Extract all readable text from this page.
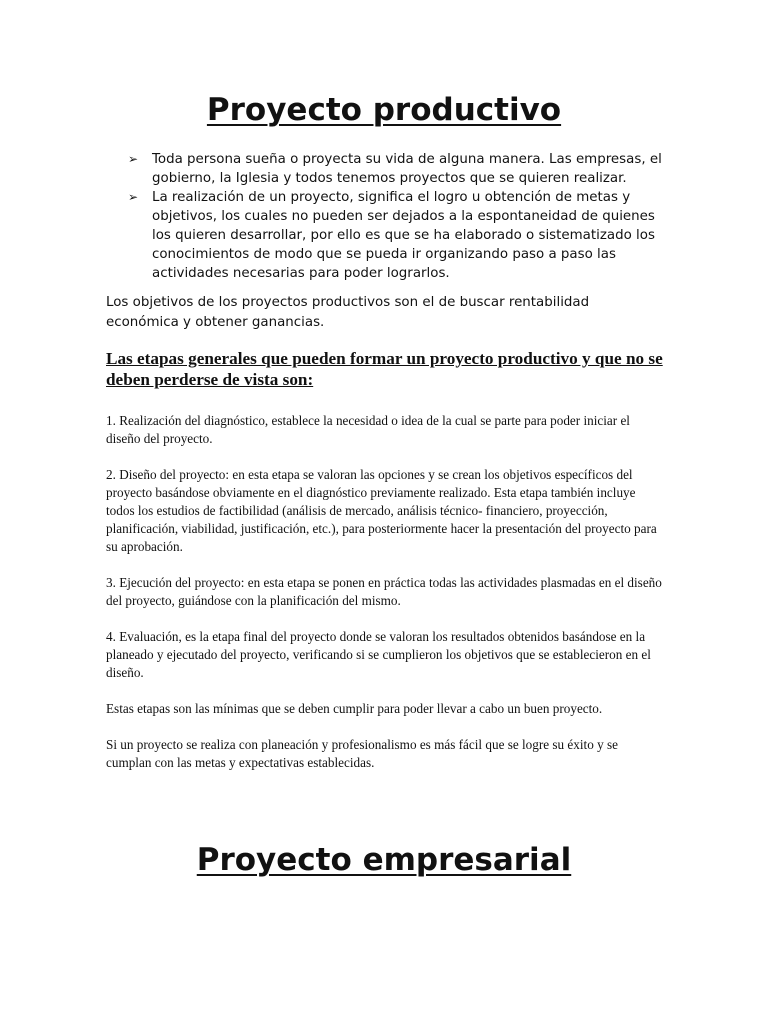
Proyecto productivo
➢ Toda persona sueña o proyecta su vida de alguna manera. Las empresas, el gobierno, la Iglesia y todos tenemos proyectos que se quieren realizar.
➢ La realización de un proyecto, significa el logro u obtención de metas y objetivos, los cuales no pueden ser dejados a la espontaneidad de quienes los quieren desarrollar, por ello es que se ha elaborado o sistematizado los conocimientos de modo que se pueda ir organizando paso a paso las actividades necesarias para poder lograrlos.

Los objetivos de los proyectos productivos son el de buscar rentabilidad económica y obtener ganancias.

Las etapas generales que pueden formar un proyecto productivo y que no se deben perderse de vista son:

1. Realización del diagnóstico, establece la necesidad o idea de la cual se parte para poder iniciar el diseño del proyecto.

2. Diseño del proyecto: en esta etapa se valoran las opciones y se crean los objetivos específicos del proyecto basándose obviamente en el diagnóstico previamente realizado. Esta etapa también incluye todos los estudios de factibilidad (análisis de mercado, análisis técnico- financiero, proyección, planificación, viabilidad, justificación, etc.), para posteriormente hacer la presentación del proyecto para su aprobación.

3. Ejecución del proyecto: en esta etapa se ponen en práctica todas las actividades plasmadas en el diseño del proyecto, guiándose con la planificación del mismo.

4. Evaluación, es la etapa final del proyecto donde se valoran los resultados obtenidos basándose en la planeado y ejecutado del proyecto, verificando si se cumplieron los objetivos que se establecieron en el diseño.

Estas etapas son las mínimas que se deben cumplir para poder llevar a cabo un buen proyecto.

Si un proyecto se realiza con planeación y profesionalismo es más fácil que se logre su éxito y se cumplan con las metas y expectativas establecidas.

Proyecto empresarial
